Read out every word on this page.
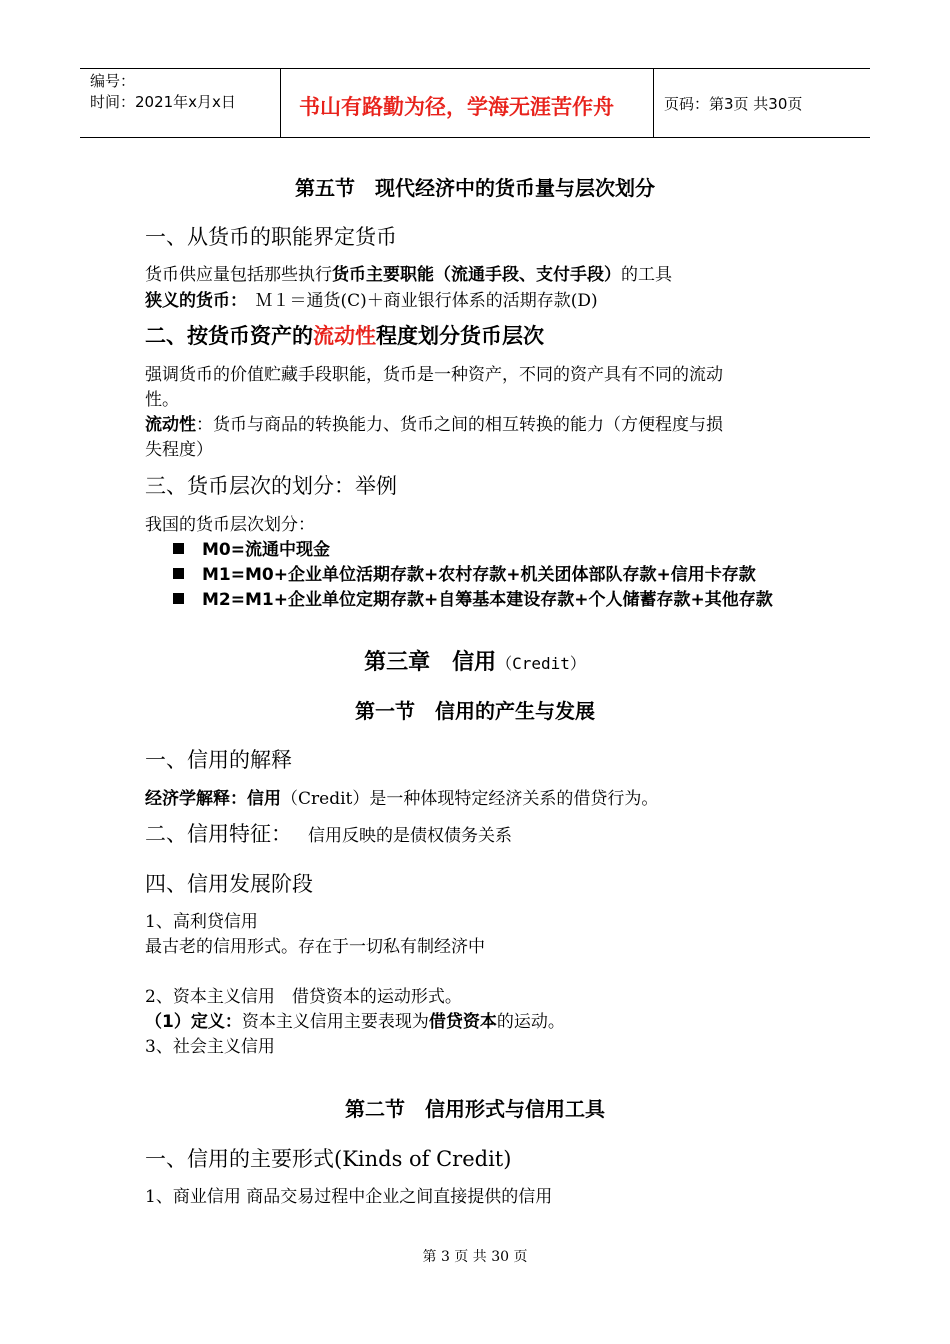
编号：
时间：2021年x月x日	书山有路勤为径，学海无涯苦作舟	页码：第3页 共30页
第五节　现代经济中的货币量与层次划分
一、从货币的职能界定货币
货币供应量包括那些执行货币主要职能（流通手段、支付手段）的工具
狭义的货币：　Ｍ１＝通货(C)＋商业银行体系的活期存款(D)
二、按货币资产的流动性程度划分货币层次
强调货币的价值贮藏手段职能，货币是一种资产，不同的资产具有不同的流动
性。
流动性：货币与商品的转换能力、货币之间的相互转换的能力（方便程度与损
失程度）
三、货币层次的划分：举例
我国的货币层次划分：
M0=流通中现金
M1=M0+企业单位活期存款+农村存款+机关团体部队存款+信用卡存款
M2=M1+企业单位定期存款+自筹基本建设存款+个人储蓄存款+其他存款
第三章　信用（Credit）
第一节　信用的产生与发展
一、信用的解释
经济学解释：信用（Credit）是一种体现特定经济关系的借贷行为。
二、信用特征： 信用反映的是债权债务关系
四、信用发展阶段
1、高利贷信用
最古老的信用形式。存在于一切私有制经济中
2、资本主义信用　借贷资本的运动形式。
（1）定义：资本主义信用主要表现为借贷资本的运动。
3、社会主义信用
第二节　信用形式与信用工具
一、信用的主要形式(Kinds of Credit)
1、商业信用 商品交易过程中企业之间直接提供的信用
第 3 页 共 30 页
